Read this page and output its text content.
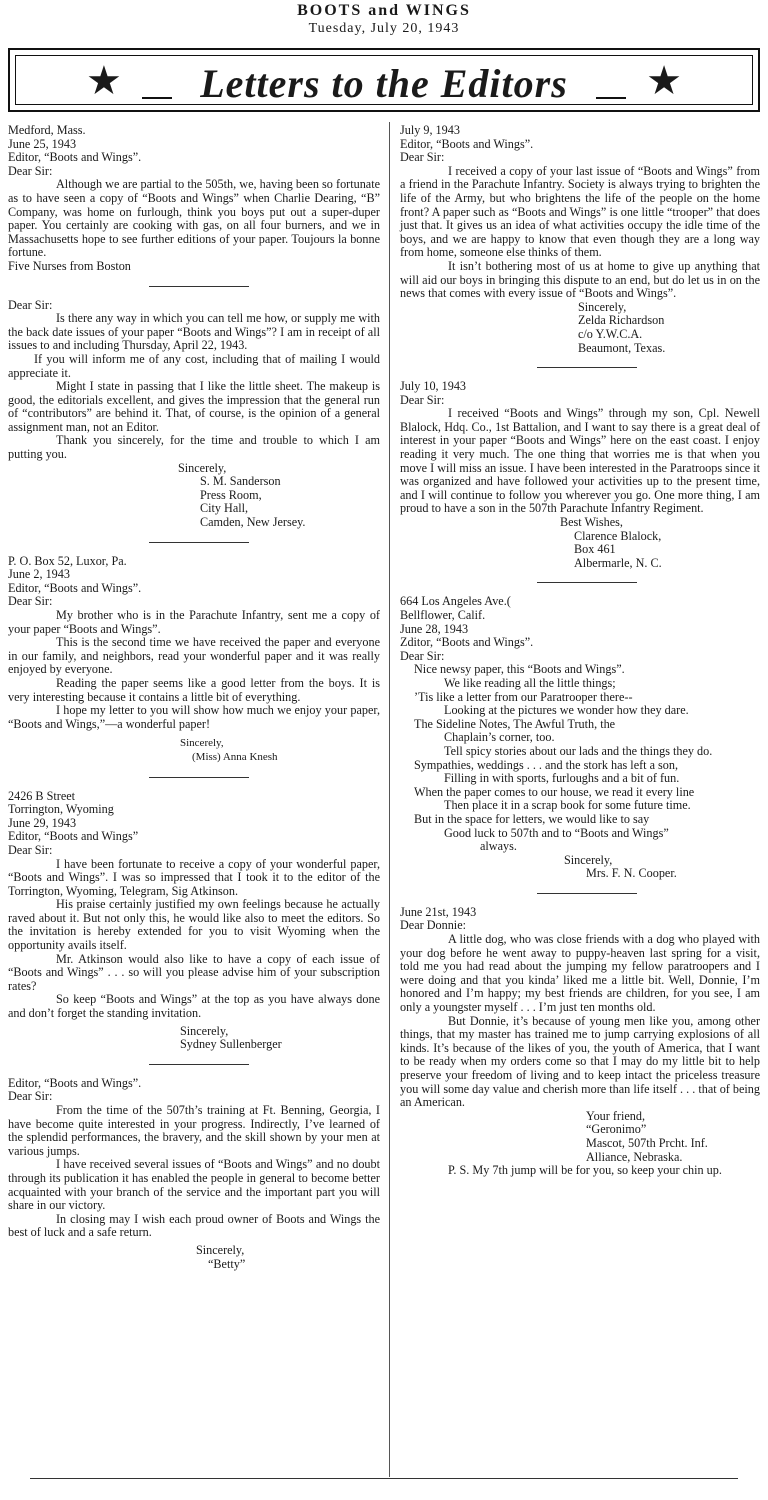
BOOTS and WINGS
Tuesday, July 20, 1943
★	Letters to the Editors	★

Medford, Mass.

June 25, 1943

Editor, “Boots and Wings”.

Dear Sir:

Although we are partial to the 505th, we, having been so fortunate as to have seen a copy of “Boots and Wings” when Charlie Dearing, “B” Company, was home on furlough, think you boys put out a super-duper paper. You certainly are cooking with gas, on all four burners, and we in Massachusetts hope to see further editions of your paper. Toujours la bonne fortune.

Five Nurses from Boston

Dear Sir:

Is there any way in which you can tell me how, or supply me with the back date issues of your paper “Boots and Wings”? I am in receipt of all issues to and including Thursday, April 22, 1943.

If you will inform me of any cost, including that of mailing I would appreciate it.

Might I state in passing that I like the little sheet. The makeup is good, the editorials excellent, and gives the impression that the general run of “contributors” are behind it. That, of course, is the opinion of a general assignment man, not an Editor.

Thank you sincerely, for the time and trouble to which I am putting you.

Sincerely,

S. M. Sanderson

Press Room,

City Hall,

Camden, New Jersey.

P. O. Box 52, Luxor, Pa.

June 2, 1943

Editor, “Boots and Wings”.

Dear Sir:

My brother who is in the Parachute Infantry, sent me a copy of your paper “Boots and Wings”.

This is the second time we have received the paper and everyone in our family, and neighbors, read your wonderful paper and it was really enjoyed by everyone.

Reading the paper seems like a good letter from the boys. It is very interesting because it contains a little bit of everything.

I hope my letter to you will show how much we enjoy your paper, “Boots and Wings,”—a wonderful paper!

Sincerely,

(Miss) Anna Knesh

2426 B Street

Torrington, Wyoming

June 29, 1943

Editor, “Boots and Wings”

Dear Sir:

I have been fortunate to receive a copy of your wonderful paper, “Boots and Wings”. I was so impressed that I took it to the editor of the Torrington, Wyoming, Telegram, Sig Atkinson.

His praise certainly justified my own feelings because he actually raved about it. But not only this, he would like also to meet the editors. So the invitation is hereby extended for you to visit Wyoming when the opportunity avails itself.

Mr. Atkinson would also like to have a copy of each issue of “Boots and Wings” . . . so will you please advise him of your subscription rates?

So keep “Boots and Wings” at the top as you have always done and don’t forget the standing invitation.

Sincerely,

Sydney Sullenberger

Editor, “Boots and Wings”.

Dear Sir:

From the time of the 507th’s training at Ft. Benning, Georgia, I have become quite interested in your progress. Indirectly, I’ve learned of the splendid performances, the bravery, and the skill shown by your men at various jumps.

I have received several issues of “Boots and Wings” and no doubt through its publication it has enabled the people in general to become better acquainted with your branch of the service and the important part you will share in our victory.

In closing may I wish each proud owner of Boots and Wings the best of luck and a safe return.

Sincerely,

“Betty”

July 9, 1943

Editor, “Boots and Wings”.

Dear Sir:

I received a copy of your last issue of “Boots and Wings” from a friend in the Parachute Infantry. Society is always trying to brighten the life of the Army, but who brightens the life of the people on the home front? A paper such as “Boots and Wings” is one little “trooper” that does just that. It gives us an idea of what activities occupy the idle time of the boys, and we are happy to know that even though they are a long way from home, someone else thinks of them.

It isn’t bothering most of us at home to give up anything that will aid our boys in bringing this dispute to an end, but do let us in on the news that comes with every issue of “Boots and Wings”.

Sincerely,

Zelda Richardson

c/o Y.W.C.A.

Beaumont, Texas.

July 10, 1943

Dear Sir:

I received “Boots and Wings” through my son, Cpl. Newell Blalock, Hdq. Co., 1st Battalion, and I want to say there is a great deal of interest in your paper “Boots and Wings” here on the east coast. I enjoy reading it very much. The one thing that worries me is that when you move I will miss an issue. I have been interested in the Paratroops since it was organized and have followed your activities up to the present time, and I will continue to follow you wherever you go. One more thing, I am proud to have a son in the 507th Parachute Infantry Regiment.

Best Wishes,

Clarence Blalock,

Box 461

Albermarle, N. C.

664 Los Angeles Ave.(

Bellflower, Calif.

June 28, 1943

Zditor, “Boots and Wings”.

Dear Sir:

Nice newsy paper, this “Boots and Wings”.

We like reading all the little things;

’Tis like a letter from our Paratrooper there--

Looking at the pictures we wonder how they dare.

The Sideline Notes, The Awful Truth, the

Chaplain’s corner, too.

Tell spicy stories about our lads and the things they do.

Sympathies, weddings . . . and the stork has left a son,

Filling in with sports, furloughs and a bit of fun.

When the paper comes to our house, we read it every line

Then place it in a scrap book for some future time.

But in the space for letters, we would like to say

Good luck to 507th and to “Boots and Wings”

always.

Sincerely,

Mrs. F. N. Cooper.

June 21st, 1943

Dear Donnie:

A little dog, who was close friends with a dog who played with your dog before he went away to puppy-heaven last spring for a visit, told me you had read about the jumping my fellow paratroopers and I were doing and that you kinda’ liked me a little bit. Well, Donnie, I’m honored and I’m happy; my best friends are children, for you see, I am only a youngster myself . . . I’m just ten months old.

But Donnie, it’s because of young men like you, among other things, that my master has trained me to jump carrying explosions of all kinds. It’s because of the likes of you, the youth of America, that I want to be ready when my orders come so that I may do my little bit to help preserve your freedom of living and to keep intact the priceless treasure you will some day value and cherish more than life itself . . . that of being an American.

Your friend,

“Geronimo”

Mascot, 507th Prcht. Inf.

Alliance, Nebraska.

P. S. My 7th jump will be for you, so keep your chin up.
